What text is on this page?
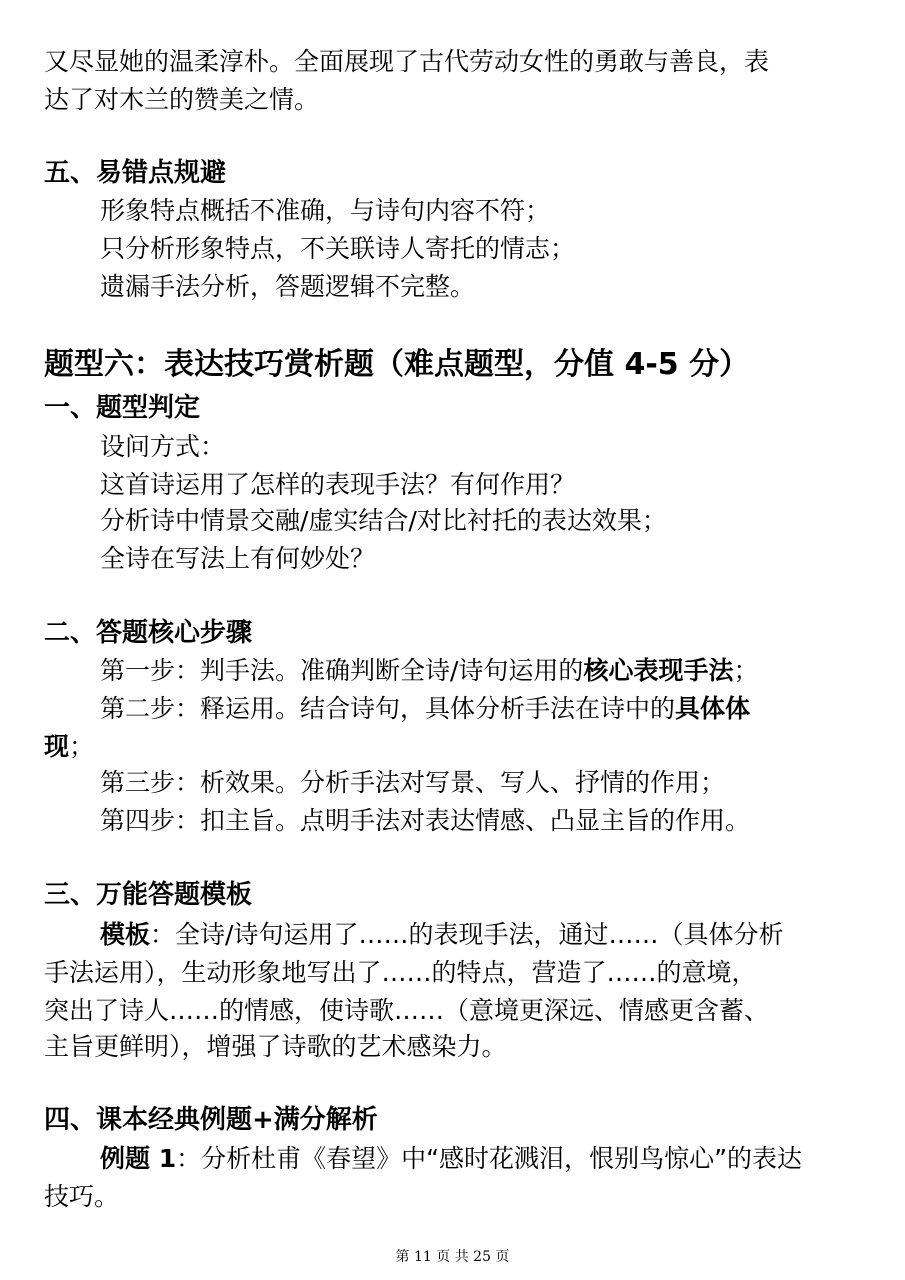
又尽显她的温柔淳朴。全面展现了古代劳动女性的勇敢与善良，表
达了对木兰的赞美之情。
五、易错点规避
形象特点概括不准确，与诗句内容不符；
只分析形象特点，不关联诗人寄托的情志；
遗漏手法分析，答题逻辑不完整。
题型六：表达技巧赏析题（难点题型，分值 4-5 分）
一、题型判定
设问方式：
这首诗运用了怎样的表现手法？有何作用？
分析诗中情景交融/虚实结合/对比衬托的表达效果；
全诗在写法上有何妙处？
二、答题核心步骤
第一步：判手法。准确判断全诗/诗句运用的核心表现手法；
第二步：释运用。结合诗句，具体分析手法在诗中的具体体
现；
第三步：析效果。分析手法对写景、写人、抒情的作用；
第四步：扣主旨。点明手法对表达情感、凸显主旨的作用。
三、万能答题模板
模板：全诗/诗句运用了……的表现手法，通过……（具体分析
手法运用），生动形象地写出了……的特点，营造了……的意境，
突出了诗人……的情感，使诗歌……（意境更深远、情感更含蓄、
主旨更鲜明），增强了诗歌的艺术感染力。
四、课本经典例题+满分解析
例题 1：分析杜甫《春望》中“感时花溅泪，恨别鸟惊心”的表达
技巧。
第 11 页 共 25 页
